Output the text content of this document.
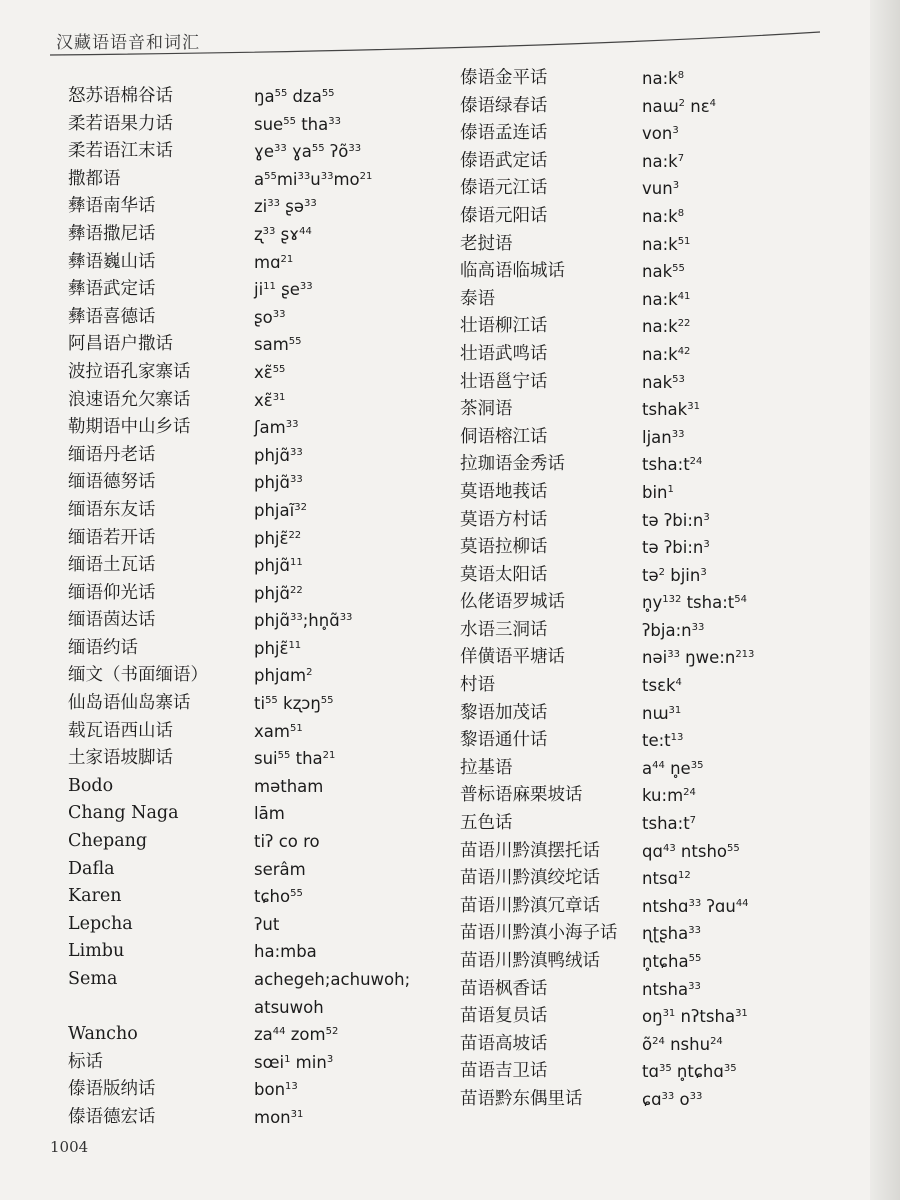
汉藏语语音和词汇
怒苏语棉谷话	$ŋa^{55}$ dza$^{55}$
柔若语果力话	sue$^{55}$ tha$^{33}$
柔若语江末话	ɣe$^{33}$ ɣa$^{55}$ ʔõ$^{33}$
撒都语	$a^{55}mi^{33}u^{33}mo^{21}$
彝语南华话	$zi^{33}$ ʂə$^{33}$
彝语撒尼话	ʐ$^{33}$ ʂɤ$^{44}$
彝语巍山话	mɑ$^{21}$
彝语武定话	$ji^{11}$ ʂe$^{33}$
彝语喜德话	ʂo$^{33}$
阿昌语户撒话	sam$^{55}$
波拉语孔家寨话	xɛ̃$^{55}$
浪速语允欠寨话	xɛ̃$^{31}$
勒期语中山乡话	ʃam$^{33}$
缅语丹老话	phjɑ̃$^{33}$
缅语德努话	phjɑ̃$^{33}$
缅语东友话	phjaĩ$^{32}$
缅语若开话	phjɛ̃$^{22}$
缅语土瓦话	phjɑ̃$^{11}$
缅语仰光话	phjɑ̃$^{22}$
缅语茵达话	phjɑ̃$^{33}$;hn̥ɑ̃$^{33}$
缅语约话	phjɛ̃$^{11}$
缅文（书面缅语）	phjɑm$^2$
仙岛语仙岛寨话	$ti^{55}$ kʐɔŋ$^{55}$
载瓦语西山话	xam$^{51}$
土家语坡脚话	sui$^{55}$ tha$^{21}$
Bodo	mətham
Chang Naga	lām
Chepang	tiʔ co ro
Dafla	serâm
Karen	tɕho$^{55}$
Lepcha	ʔut
Limbu	ha:mba
Sema	achegeh;achuwoh;
atsuwoh
Wancho	$za^{44}$ zom$^{52}$
标话	sœi$^1$ $\min^3$
傣语版纳话	bon$^{13}$
傣语德宏话	mon$^{31}$
傣语金平话	$na:k^8$
傣语绿春话	naɯ$^2$ nɛ$^4$
傣语孟连话	von$^3$
傣语武定话	$na:k^7$
傣语元江话	vun$^3$
傣语元阳话	$na:k^8$
老挝语	$na:k^{51}$
临高语临城话	nak$^{55}$
泰语	$na:k^{41}$
壮语柳江话	$na:k^{22}$
壮语武鸣话	$na:k^{42}$
壮语邕宁话	nak$^{53}$
茶洞语	tshak$^{31}$
侗语榕江话	ljan$^{33}$
拉珈语金秀话	$tsha:t^{24}$
莫语地莪话	bin$^1$
莫语方村话	tə $ʔbi:n^3$
莫语拉柳话	tə $ʔbi:n^3$
莫语太阳话	tə$^2$ bjin$^3$
仫佬语罗城话	$n̥y^{132}$ $tsha:t^{54}$
水语三洞话	$ʔbja:n^{33}$
佯僙语平塘话	nəi$^{33}$ $ŋwe:n^{213}$
村语	tsɛk$^4$
黎语加茂话	nɯ$^{31}$
黎语通什话	$te:t^{13}$
拉基语	$a^{44}$ $n̥e^{35}$
普标语麻栗坡话	$ku:m^{24}$
五色话	$tsha:t^7$
苗语川黔滇摆托话	qɑ$^{43}$ ntsho$^{55}$
苗语川黔滇绞坨话	ntsɑ$^{12}$
苗语川黔滇冗章话	ntshɑ$^{33}$ ʔɑu$^{44}$
苗语川黔滇小海子话 ɳʈʂha$^{33}$
苗语川黔滇鸭绒话	n̥tɕha$^{55}$
苗语枫香话	ntsha$^{33}$
苗语复员话	$oŋ^{31}$ nʔtsha$^{31}$
苗语高坡话	$õ^{24}$ nshu$^{24}$
苗语吉卫话	tɑ$^{35}$ n̥tɕhɑ$^{35}$
苗语黔东偶里话	ɕɑ$^{33}$ $o^{33}$
1004
